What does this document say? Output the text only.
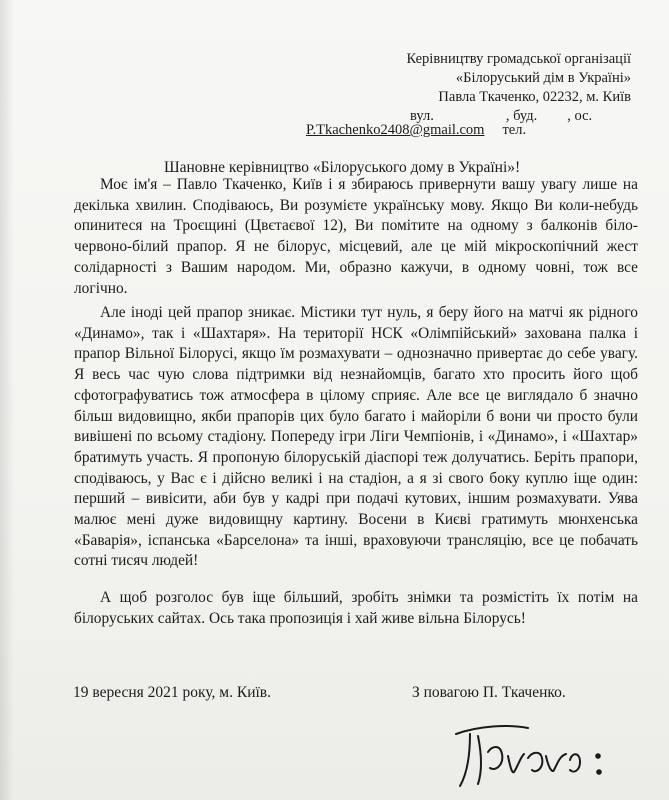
Керівництву громадської організації
«Білоруський дім в Україні»
Павла Ткаченко, 02232, м. Київ
вул.	, буд. , ос.
P.Tkachenko2408@gmail.com тел.
Шановне керівництво «Білоруського дому в Україні»!

Моє ім'я – Павло Ткаченко, Київ і я збираюсь привернути вашу увагу лише на декілька хвилин. Сподіваюсь, Ви розумієте українську мову. Якщо Ви коли-небудь опинитеся на Троєщині (Цвєтаєвої 12), Ви помітите на одному з балконів біло-червоно-білий прапор. Я не білорус, місцевий, але це мій мікроскопічний жест солідарності з Вашим народом. Ми, образно кажучи, в одному човні, тож все логічно.

Але іноді цей прапор зникає. Містики тут нуль, я беру його на матчі як рідного «Динамо», так і «Шахтаря». На території НСК «Олімпійський» захована палка і прапор Вільної Білорусі, якщо їм розмахувати – однозначно привертає до себе увагу. Я весь час чую слова підтримки від незнайомців, багато хто просить його щоб сфотографуватись тож атмосфера в цілому сприяє. Але все це виглядало б значно більш видовищно, якби прапорів цих було багато і майоріли б вони чи просто були вивішені по всьому стадіону. Попереду ігри Ліги Чемпіонів, і «Динамо», і «Шахтар» братимуть участь. Я пропоную білоруській діаспорі теж долучатись. Беріть прапори, сподіваюсь, у Вас є і дійсно великі і на стадіон, а я зі свого боку куплю іще один: перший – вивісити, аби був у кадрі при подачі кутових, іншим розмахувати. Уява малює мені дуже видовищну картину. Восени в Києві гратимуть мюнхенська «Баварія», іспанська «Барселона» та інші, враховуючи трансляцію, все це побачать сотні тисяч людей!

А щоб розголос був іще більший, зробіть знімки та розмістіть їх потім на білоруських сайтах. Ось така пропозиція і хай живе вільна Білорусь!

19 вересня 2021 року, м. Київ.	З повагою П. Ткаченко.
